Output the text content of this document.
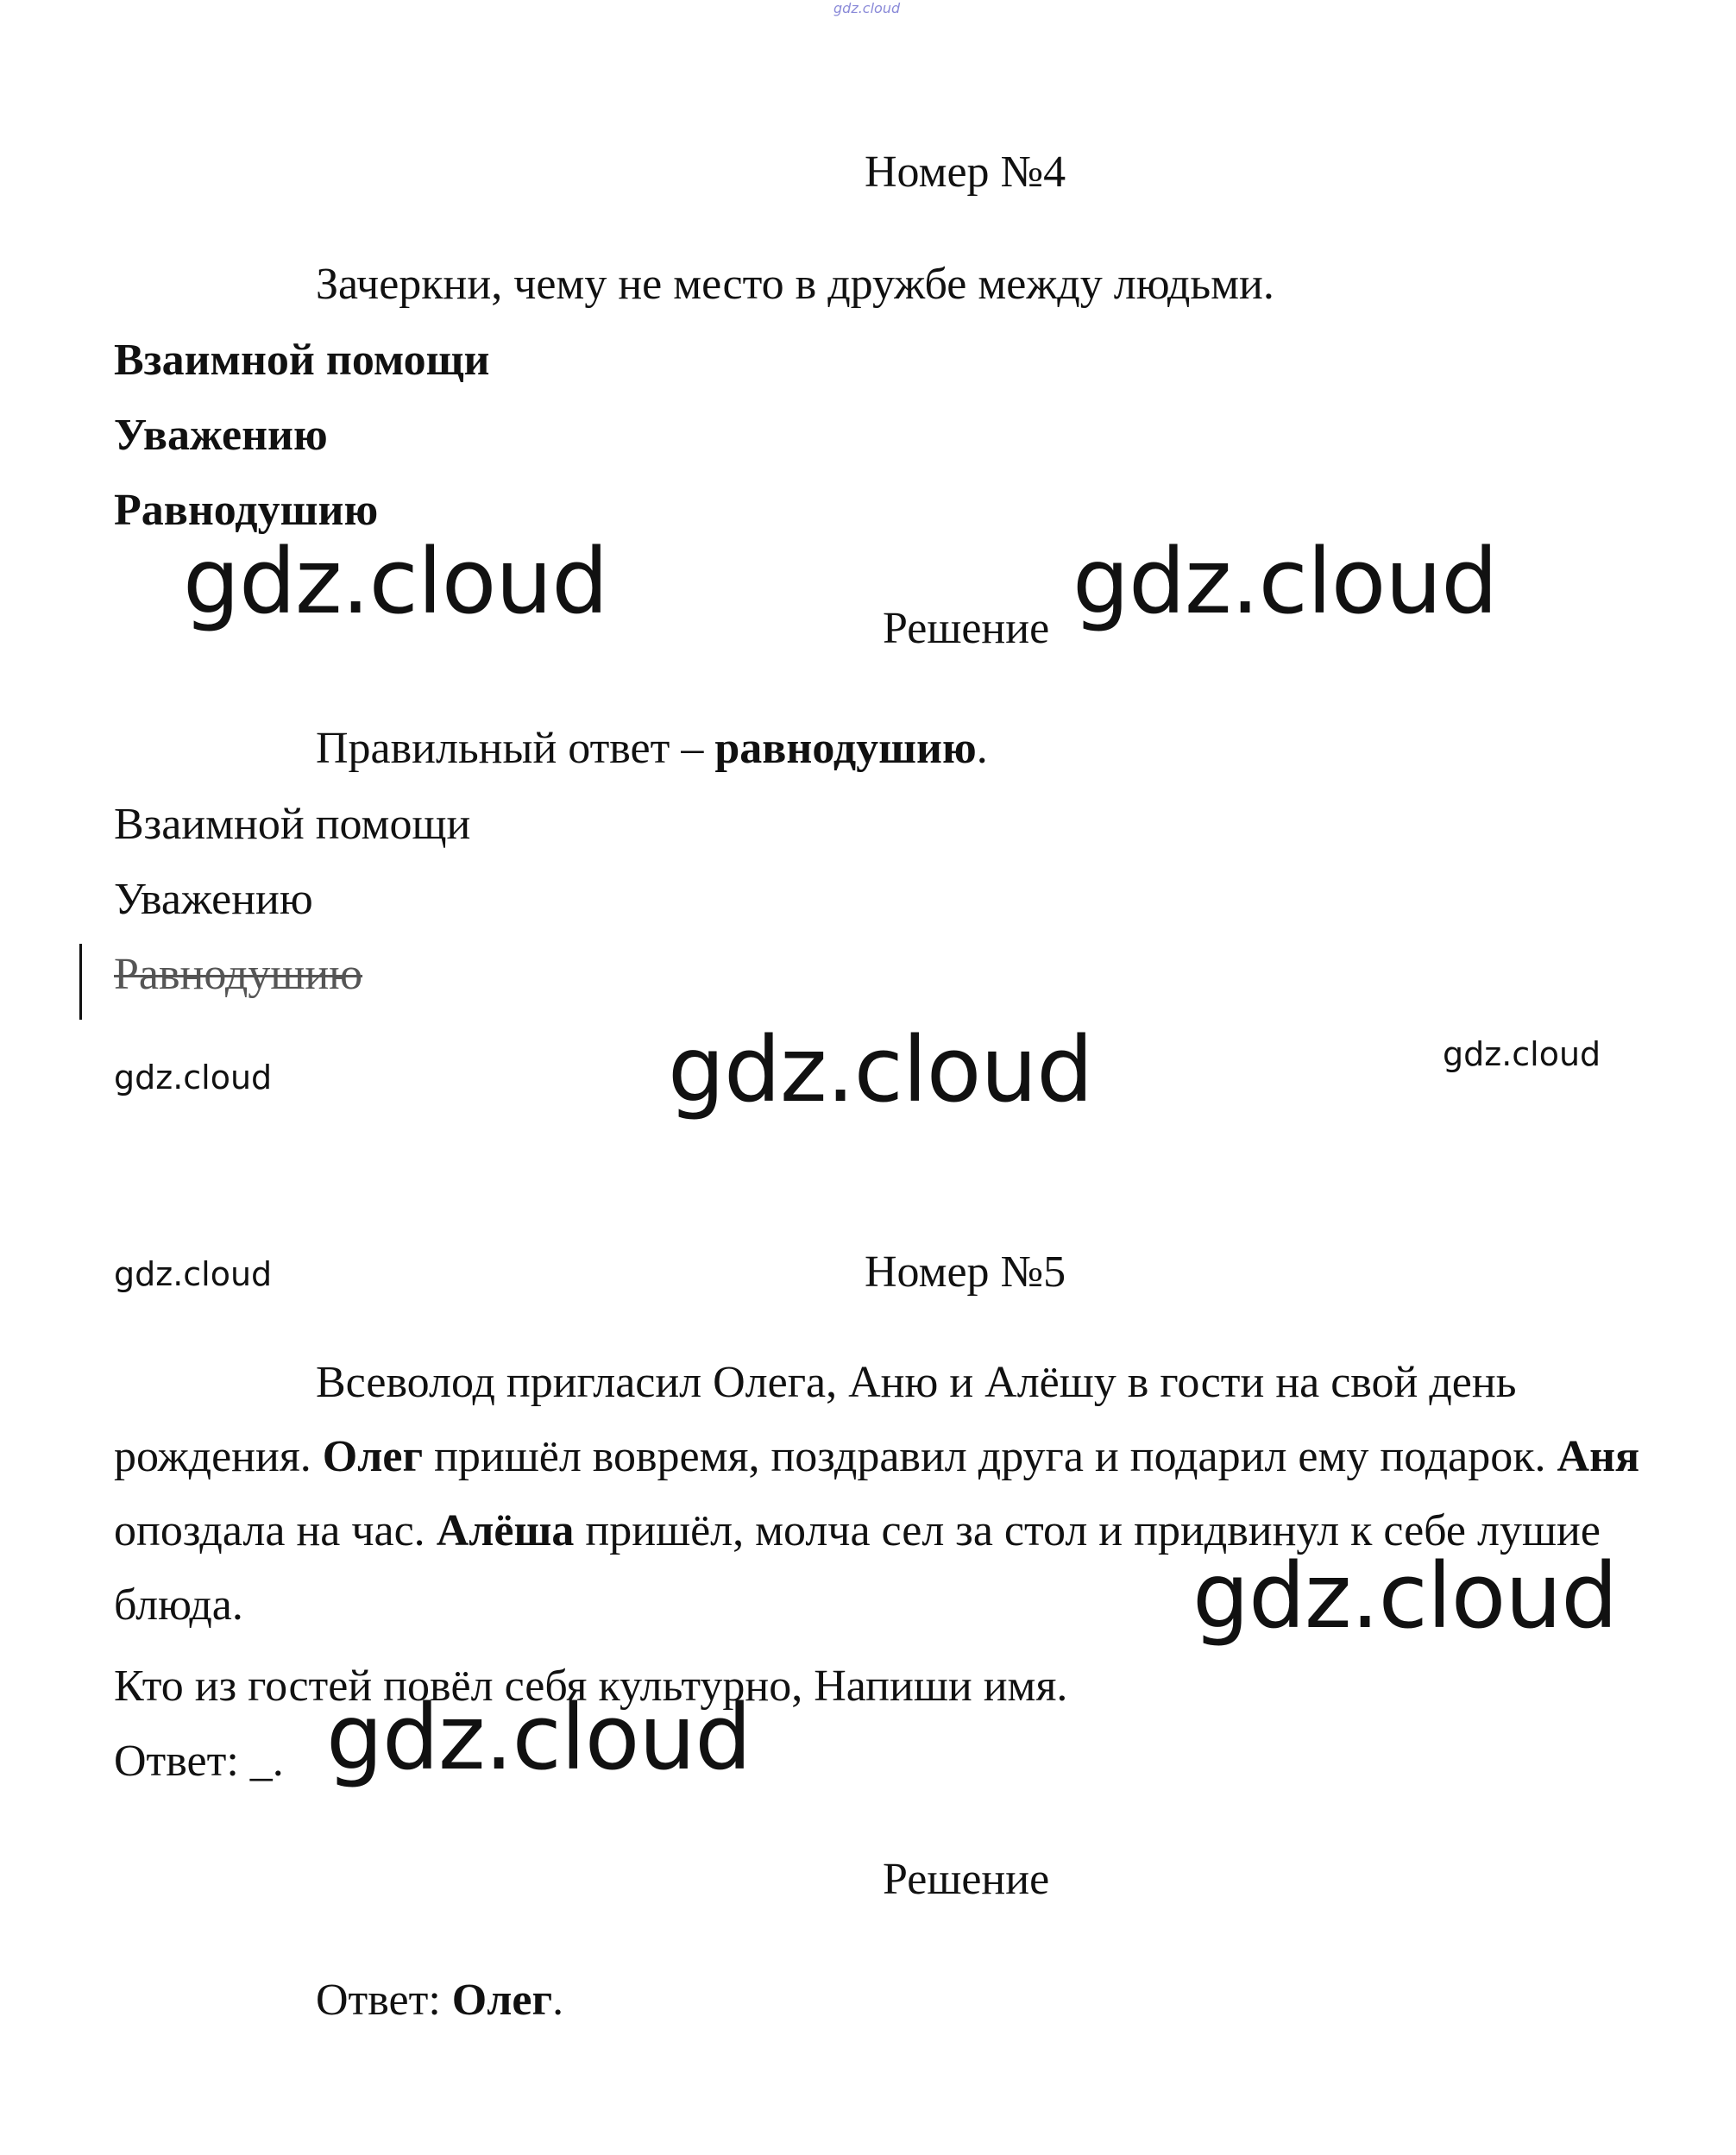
gdz.cloud
Номер №4
Зачеркни, чему не место в дружбе между людьми.
Взаимной помощи
Уважению
Равнодушию
gdz.cloud	gdz.cloud
Решение
Правильный ответ – равнодушию.
Взаимной помощи
Уважению
Равнодушию
gdz.cloud	gdz.cloud	gdz.cloud
gdz.cloud	Номер №5
Всеволод пригласил Олега, Аню и Алёшу в гости на свой день рождения. Олег пришёл вовремя, поздравил друга и подарил ему подарок. Аня опоздала на час. Алёша пришёл, молча сел за стол и придвинул к себе лушие блюда.	gdz.cloud
Кто из гостей повёл себя культурно, Напиши имя.
Ответ: _. gdz.cloud
Решение
Ответ: Олег.
